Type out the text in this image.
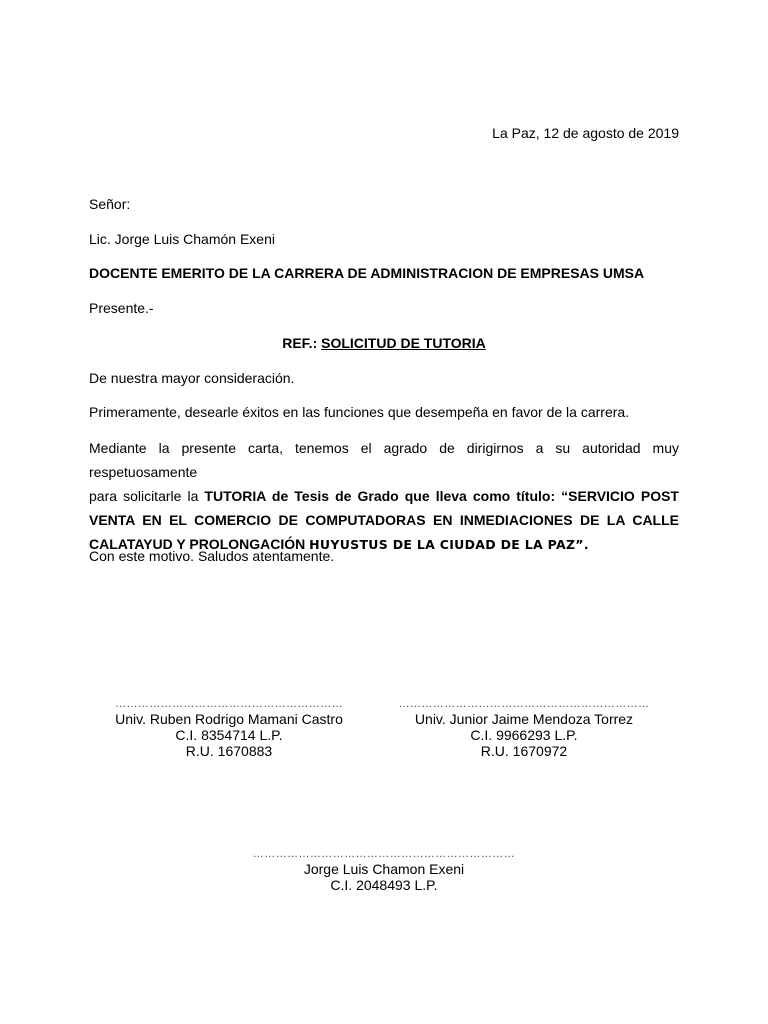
La Paz, 12 de agosto de 2019
Señor:
Lic. Jorge Luis Chamón Exeni
DOCENTE EMERITO DE LA CARRERA DE ADMINISTRACION DE EMPRESAS UMSA
Presente.-
REF.: SOLICITUD DE TUTORIA
De nuestra mayor consideración.
Primeramente, desearle éxitos en las funciones que desempeña en favor de la carrera.
Mediante la presente carta, tenemos el agrado de dirigirnos a su autoridad muy respetuosamente
para solicitarle la TUTORIA de Tesis de Grado que lleva como título: “SERVICIO POST
VENTA EN EL COMERCIO DE COMPUTADORAS EN INMEDIACIONES DE LA CALLE
CALATAYUD Y PROLONGACIÓN HUYUSTUS DE LA CIUDAD DE LA PAZ”.
Con este motivo. Saludos atentamente.
……………………………………………………
Univ. Ruben Rodrigo Mamani Castro
C.I. 8354714 L.P.
R.U. 1670883
…………………………………………………………
Univ. Junior Jaime Mendoza Torrez
C.I. 9966293 L.P.
R.U. 1670972
……………………………………………………………
Jorge Luis Chamon Exeni
C.I. 2048493 L.P.
